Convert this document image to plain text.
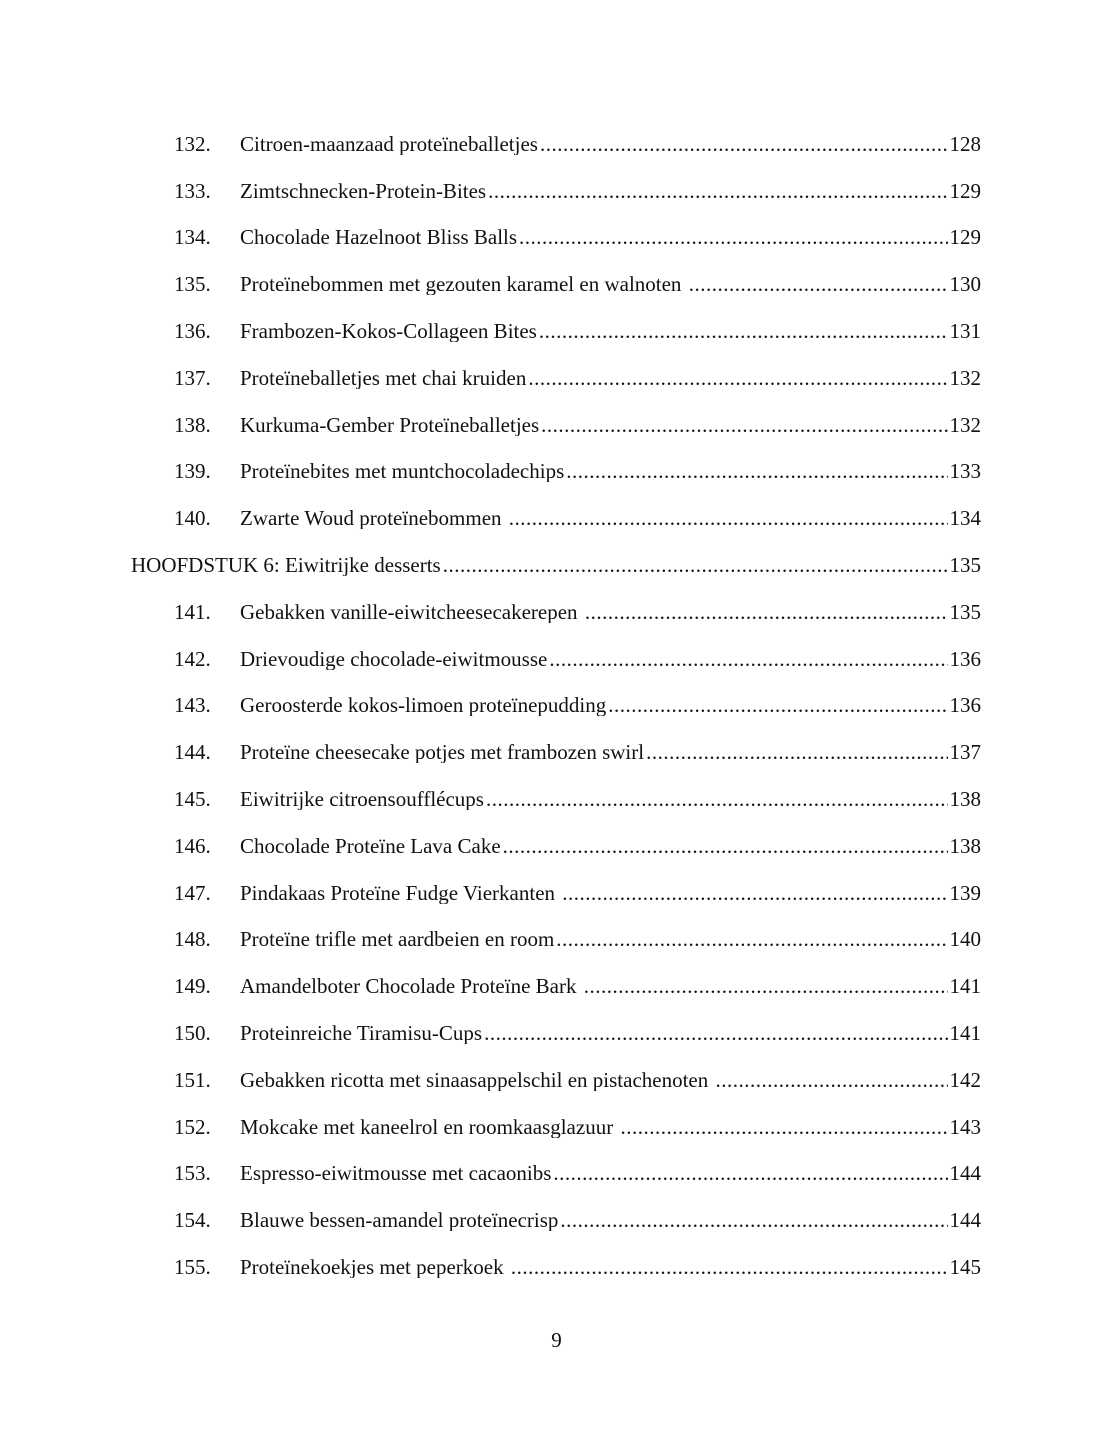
132.	Citroen-maanzaad proteïneballetjes .....	128
133.	Zimtschnecken-Protein-Bites .....	129
134.	Chocolade Hazelnoot Bliss Balls .....	129
135.	Proteïnebommen met gezouten karamel en walnoten .....	130
136.	Frambozen-Kokos-Collageen Bites .....	131
137.	Proteïneballetjes met chai kruiden .....	132
138.	Kurkuma-Gember Proteïneballetjes .....	132
139.	Proteïnebites met muntchocoladechips .....	133
140.	Zwarte Woud proteïnebommen .....	134
HOOFDSTUK 6: Eiwitrijke desserts .....	135
141.	Gebakken vanille-eiwitcheesecakerepen .....	135
142.	Drievoudige chocolade-eiwitmousse .....	136
143.	Geroosterde kokos-limoen proteïnepudding .....	136
144.	Proteïne cheesecake potjes met frambozen swirl .....	137
145.	Eiwitrijke citroensoufflécups .....	138
146.	Chocolade Proteïne Lava Cake .....	138
147.	Pindakaas Proteïne Fudge Vierkanten .....	139
148.	Proteïne trifle met aardbeien en room .....	140
149.	Amandelboter Chocolade Proteïne Bark .....	141
150.	Proteinreiche Tiramisu-Cups .....	141
151.	Gebakken ricotta met sinaasappelschil en pistachenoten .....	142
152.	Mokcake met kaneelrol en roomkaasglazuur .....	143
153.	Espresso-eiwitmousse met cacaonibs .....	144
154.	Blauwe bessen-amandel proteïnecrisp .....	144
155.	Proteïnekoekjes met peperkoek .....	145
9
